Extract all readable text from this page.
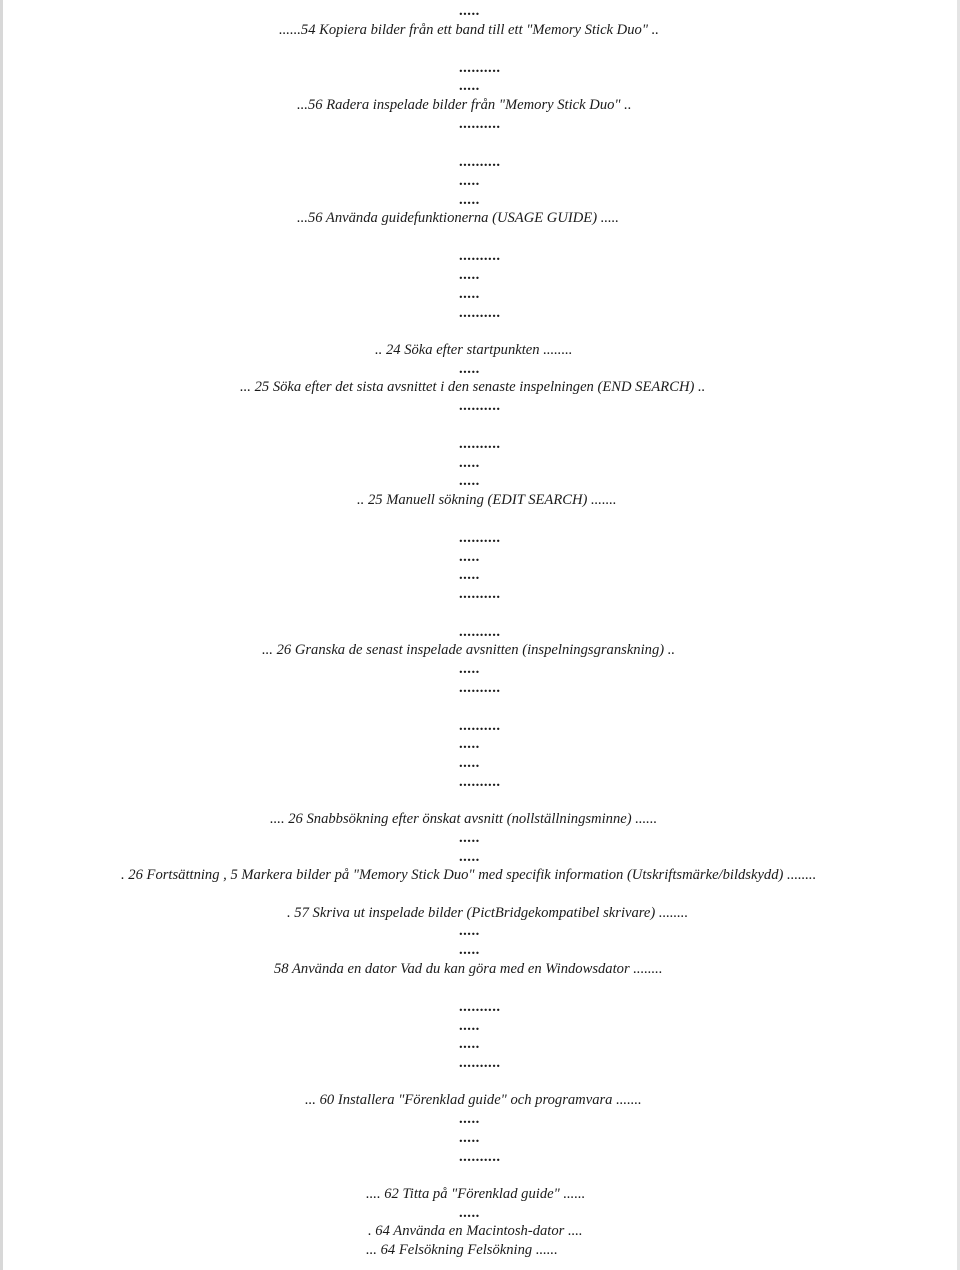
.....
......54 Kopiera bilder från ett band till ett "Memory Stick Duo" ..
..........
.....
...56 Radera inspelade bilder från "Memory Stick Duo" ..
..........
..........
.....
.....
...56 Använda guidefunktionerna (USAGE GUIDE) .....
..........
.....
.....
..........
.. 24 Söka efter startpunkten ........
.....
... 25 Söka efter det sista avsnittet i den senaste inspelningen (END SEARCH) ..
..........
..........
.....
.....
.. 25 Manuell sökning (EDIT SEARCH) .......
..........
.....
.....
..........
..........
... 26 Granska de senast inspelade avsnitten (inspelningsgranskning) ..
.....
..........
..........
.....
.....
..........
.... 26 Snabbsökning efter önskat avsnitt (nollställningsminne) ......
.....
.....
. 26 Fortsättning , 5 Markera bilder på "Memory Stick Duo" med specifik information (Utskriftsmärke/bildskydd) ........
. 57 Skriva ut inspelade bilder (PictBridgekompatibel skrivare) ........
.....
.....
58 Använda en dator Vad du kan göra med en Windowsdator ........
..........
.....
.....
..........
... 60 Installera "Förenklad guide" och programvara .......
.....
.....
..........
.... 62 Titta på "Förenklad guide" ......
.....
. 64 Använda en Macintosh-dator ....
... 64 Felsökning Felsökning ......
